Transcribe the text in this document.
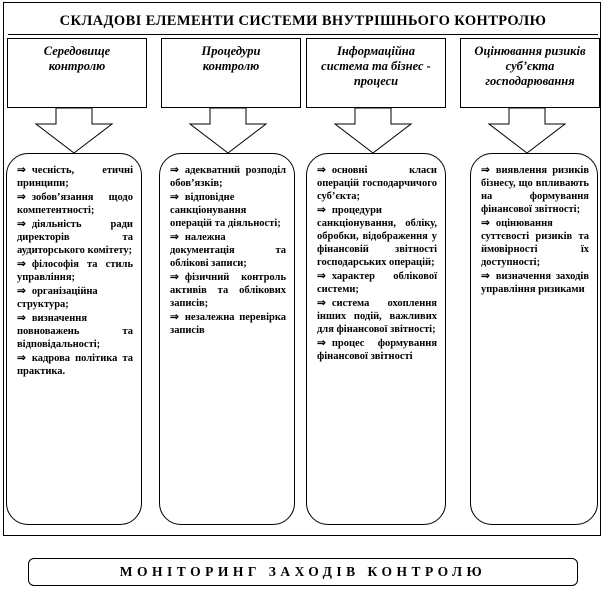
СКЛАДОВІ ЕЛЕМЕНТИ СИСТЕМИ ВНУТРІШНЬОГО КОНТРОЛЮ
Середовище контролю
Процедури контролю
Інформаційна система та бізнес - процеси
Оцінювання ризиків суб’єкта господарювання
⇒ чесність, етичні принципи;
⇒ зобов’язання щодо компетентності;
⇒ діяльність ради директорів та аудиторського комітету;
⇒ філософія та стиль управління;
⇒ організаційна структура;
⇒ визначення повноважень та відповідальності;
⇒ кадрова політика та практика.
⇒ адекватний розподіл обов’язків;
⇒ відповідне санкціонування операцій та діяльності;
⇒ належна документація та облікові записи;
⇒ фізичний контроль активів та облікових записів;
⇒ незалежна перевірка записів
⇒ основні класи операцій господарчичого суб’єкта;
⇒ процедури санкціонування, обліку, обробки, відображення у фінансовій звітності господарських операцій;
⇒ характер облікової системи;
⇒ система охоплення інших подій, важливих для фінансової звітності;
⇒ процес формування фінансової звітності
⇒ виявлення ризиків бізнесу, що впливають на формування фінансової звітності;
⇒ оцінювання суттєвості ризиків та ймовірності їх доступності;
⇒ визначення заходів управління ризиками
МОНІТОРИНГ ЗАХОДІВ КОНТРОЛЮ
